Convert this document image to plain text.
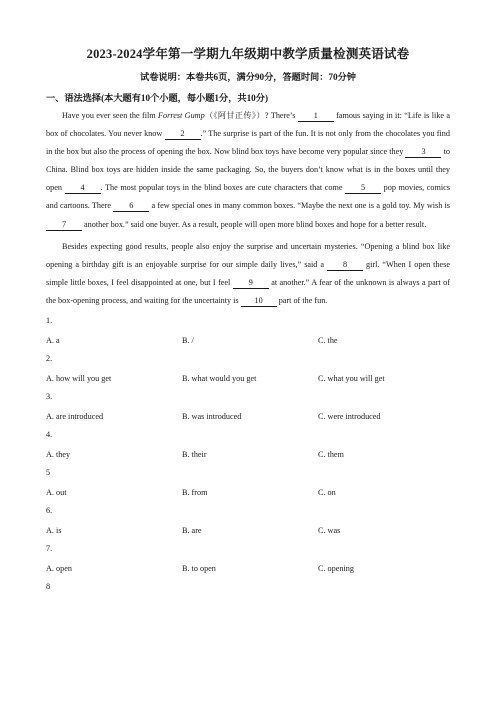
2023-2024学年第一学期九年级期中教学质量检测英语试卷
试卷说明：本卷共6页，满分90分，答题时间：70分钟
一、语法选择(本大题有10个小题，每小题1分，共10分)

Have you ever seen the film Forrest Gump（《阿甘正传》）? There’s 1 famous saying in it: “Life is like a box of chocolates. You never know 2 .” The surprise is part of the fun. It is not only from the chocolates you find in the box but also the process of opening the box. Now blind box toys have become very popular since they 3 to China. Blind box toys are hidden inside the same packaging. So, the buyers don’t know what is in the boxes until they open 4 . The most popular toys in the blind boxes are cute characters that come 5 pop movies, comics and cartoons. There 6 a few special ones in many common boxes. “Maybe the next one is a gold toy. My wish is 7 another box.” said one buyer. As a result, people will open more blind boxes and hope for a better result.

Besides expecting good results, people also enjoy the surprise and uncertain mysteries. “Opening a blind box like opening a birthday gift is an enjoyable surprise for our simple daily lives,” said a 8 girl. “When I open these simple little boxes, I feel disappointed at one, but I feel 9 at another.” A fear of the unknown is always a part of the box-opening process, and waiting for the uncertainty is 10 part of the fun.

1.
A. a	B. /	C. the
2.
A. how will you get	B. what would you get	C. what you will get
3.
A. are introduced	B. was introduced	C. were introduced
4.
A. they	B. their	C. them
5
A. out	B. from	C. on
6.
A. is	B. are	C. was
7.
A. open	B. to open	C. opening
8
